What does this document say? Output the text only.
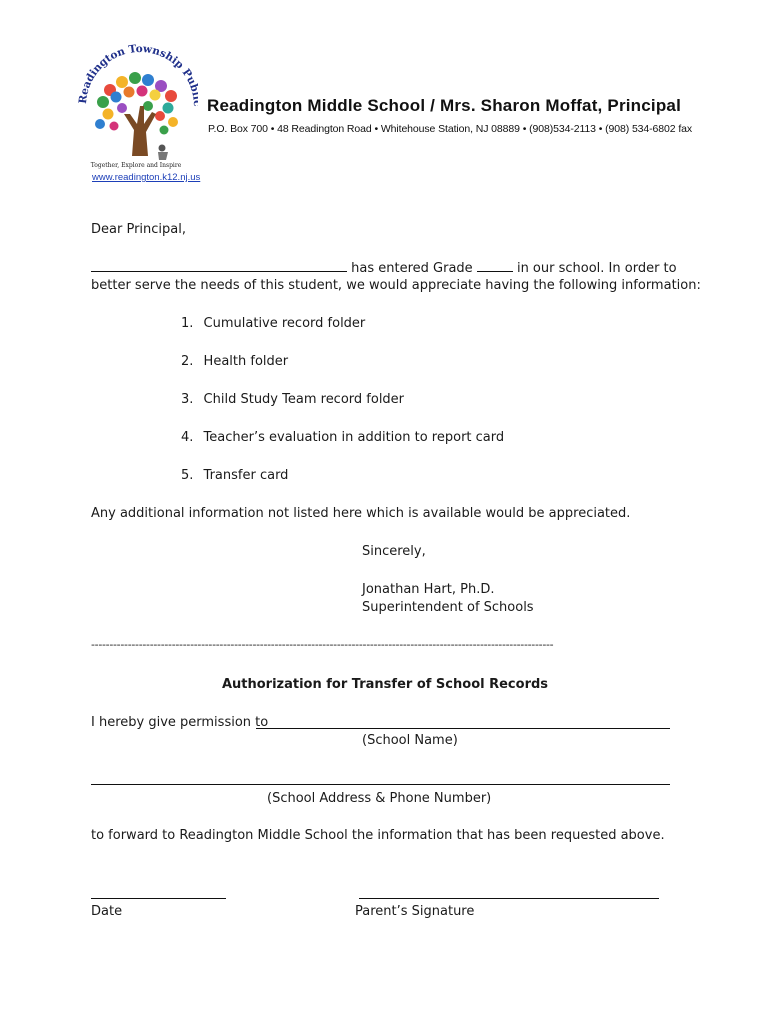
Readington Township Pu
Together, Explore and Inspire
www.readington.k12.nj.us
Readington Middle School / Mrs. Sharon Moffat, Principal
P.O. Box 700 • 48 Readington Road • Whitehouse Station, NJ 08889 • (908)534-2113 • (908) 534-6802 fax
Dear Principal,
has entered Grade	in our school. In order to
better serve the needs of this student, we would appreciate having the following information:
1. Cumulative record folder
2. Health folder
3. Child Study Team record folder
4. Teacher’s evaluation in addition to report card
5. Transfer card
Any additional information not listed here which is available would be appreciated.
Sincerely,
Jonathan Hart, Ph.D.
Superintendent of Schools
------------------------------------------------------------------------------------------------------------------------------
Authorization for Transfer of School Records
I hereby give permission to
(School Name)
(School Address & Phone Number)
to forward to Readington Middle School the information that has been requested above.
Date	Parent’s Signature
